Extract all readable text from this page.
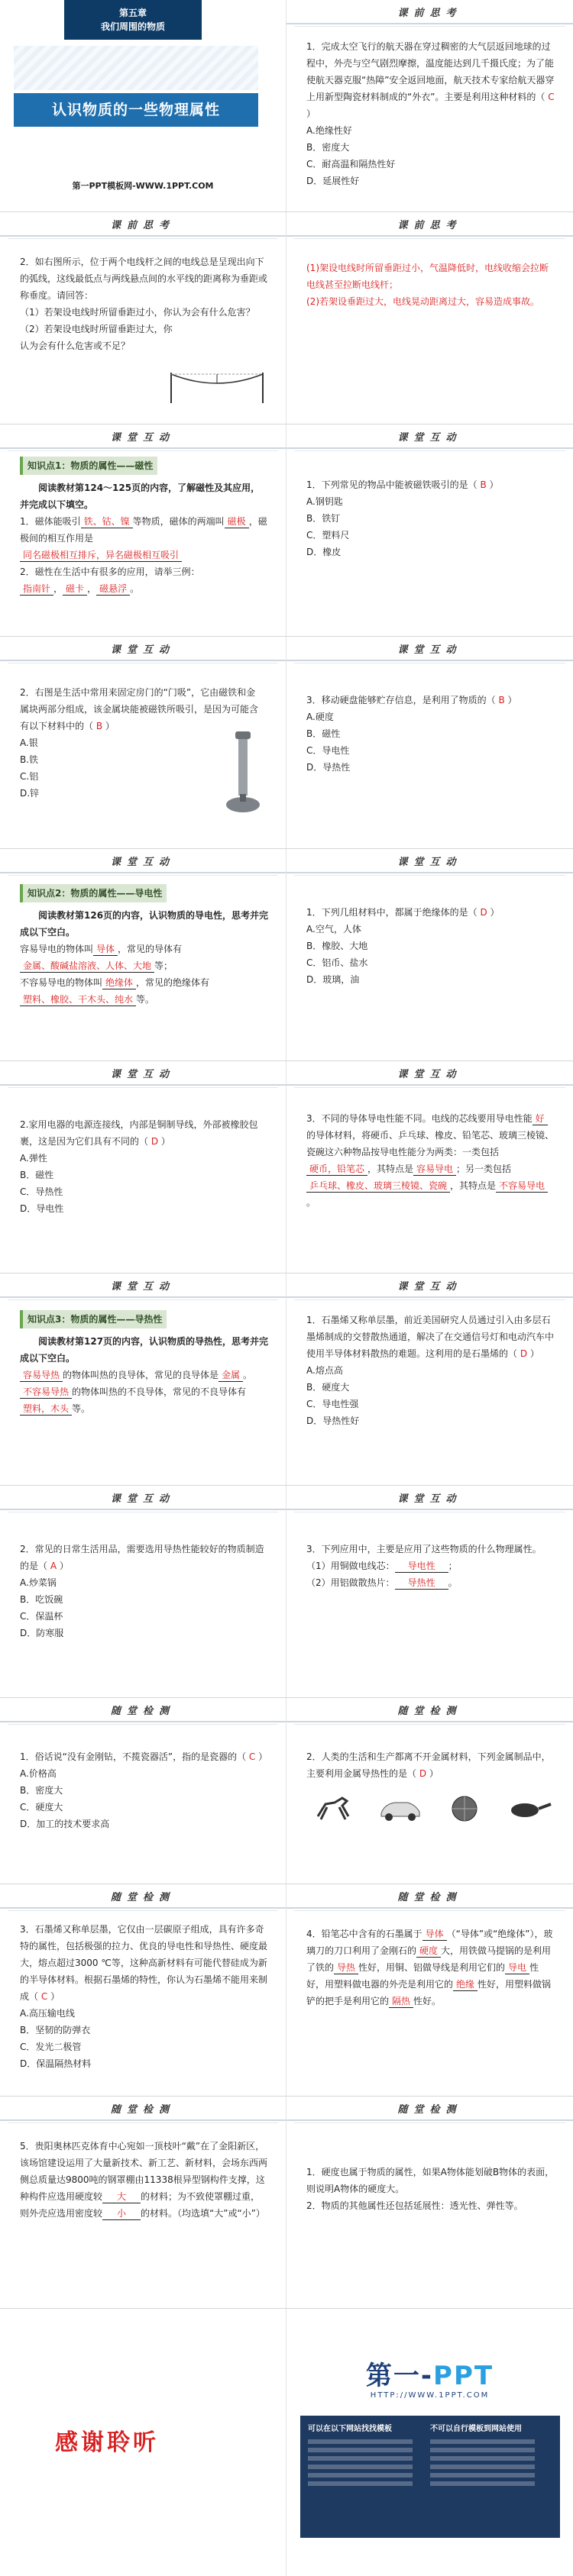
第五章
我们周围的物质
认识物质的一些物理属性
第一PPT模板网-WWW.1PPT.COM
课前思考

1．完成太空飞行的航天器在穿过稠密的大气层返回地球的过程中，外壳与空气剧烈摩擦，温度能达到几千摄氏度；为了能使航天器克服“热障”安全返回地面，航天技术专家给航天器穿上用新型陶瓷材料制成的“外衣”。主要是利用这种材料的（ C ）

A.绝缘性好
B．密度大
C．耐高温和隔热性好
D．延展性好
课前思考

2．如右图所示，位于两个电线杆之间的电线总是呈现出向下的弧线，这线最低点与两线悬点间的水平线的距离称为垂距或称垂度。请回答：

（1）若架设电线时所留垂距过小，你认为会有什么危害？

（2）若架设电线时所留垂距过大，你认为会有什么危害或不足？

课前思考

(1)架设电线时所留垂距过小，气温降低时，电线收缩会拉断电线甚至拉断电线杆；

(2)若架设垂距过大，电线晃动距离过大，容易造成事故。

课堂互动
知识点1：物质的属性——磁性

阅读教材第124～125页的内容，了解磁性及其应用，并完成以下填空。

1．磁体能吸引 铁、钴、镍 等物质，磁体的两端叫 磁极 ，磁极间的相互作用是
同名磁极相互排斥，异名磁极相互吸引

2．磁性在生活中有很多的应用，请举三例：

指南针 ， 磁卡 ， 磁悬浮 。

课堂互动

1．下列常见的物品中能被磁铁吸引的是（ B ）

A.钢钥匙
B．铁钉
C．塑料尺
D．橡皮
课堂互动

2．右图是生活中常用来固定房门的“门吸”，它由磁铁和金属块两部分组成，该金属块能被磁铁所吸引，是因为可能含有以下材料中的（ B ）

A.银
B.铁
C.铝
D.锌
课堂互动

3．移动硬盘能够贮存信息，是利用了物质的（ B ）

A.硬度
B．磁性
C．导电性
D．导热性
课堂互动
知识点2：物质的属性——导电性

阅读教材第126页的内容，认识物质的导电性，思考并完成以下空白。

容易导电的物体叫 导体 ，常见的导体有
金属、酸碱盐溶液、人体、大地 等；

不容易导电的物体叫 绝缘体 ，常见的绝缘体有
塑料、橡胶、干木头、纯水 等。

课堂互动

1．下列几组材料中，都属于绝缘体的是（ D ）

A.空气，人体
B．橡胶、大地
C．铝币、盐水
D．玻璃，油
课堂互动

2.家用电器的电源连接线，内部是铜制导线，外部被橡胶包裹，这是因为它们具有不同的（ D ）

A.弹性
B．磁性
C．导热性
D．导电性
课堂互动

3．不同的导体导电性能不同。电线的芯线要用导电性能 好的导体材料，将硬币、乒乓球、橡皮、铅笔芯、玻璃三棱镜、瓷碗这六种物品按导电性能分为两类：一类包括硬币，铅笔芯 ，其特点是 容易导电 ；另一类包括乒乓球、橡皮、玻璃三棱镜、瓷碗 ，其特点是 不容易导电。

课堂互动
知识点3：物质的属性——导热性

阅读教材第127页的内容，认识物质的导热性，思考并完成以下空白。

容易导热 的物体叫热的良导体，常见的良导体是 金属 。

不容易导热 的物体叫热的不良导体，常见的不良导体有塑料，木头 等。

课堂互动

1．石墨烯又称单层墨，前近美国研究人员通过引入由多层石墨烯制成的交替散热通道，解决了在交通信号灯和电动汽车中使用半导体材料散热的难题。这利用的是石墨烯的（ D ）

A.熔点高
B．硬度大
C．导电性强
D．导热性好
课堂互动

2．常见的日常生活用品，需要选用导热性能较好的物质制造的是（ A ）

A.炒菜锅
B．吃饭碗
C．保温杯
D．防寒服
课堂互动

3．下列应用中，主要是应用了这些物质的什么物理属性。

（1）用铜做电线芯： 导电性 ；

（2）用铝做散热片： 导热性 。

随堂检测

1．俗话说“没有金刚钻，不揽瓷器活”，指的是瓷器的（ C ）

A.价格高
B．密度大
C．硬度大
D．加工的技术要求高
随堂检测

2．人类的生活和生产都离不开金属材料，下列金属制品中，主要利用金属导热性的是（ D ）

随堂检测

3．石墨烯又称单层墨，它仅由一层碳原子组成，具有许多奇特的属性，包括极强的拉力、优良的导电性和导热性、硬度最大，熔点超过3000 ℃等，这种高新材料有可能代替硅成为新的半导体材料。根据石墨烯的特性，你认为石墨烯不能用来制成（ C ）

A.高压输电线
B．坚韧的防弹衣
C．发光二极管
D．保温隔热材料
随堂检测

4．铅笔芯中含有的石墨属于 导体 （“导体”或“绝缘体”），玻璃刀的刀口利用了金刚石的 硬度 大，用铁做马提锅的是利用了铁的 导热 性好，用铜、铝做导线是利用它们的 导电 性好，用塑料做电器的外壳是利用它的 绝缘 性好，用塑料做锅铲的把手是利用它的 隔热 性好。

随堂检测

5．贵阳奥林匹克体育中心宛如一顶枝叶“戴”在了金阳新区，该场馆建设运用了大量新技术、新工艺、新材料，会场东西两侧总质量达9800吨的钢罩棚由11338根异型钢构件支撑，这种构件应选用硬度较 大 的材料；为不致使罩棚过重，则外壳应选用密度较 小 的材料。（均选填“大”或“小”）

随堂检测

1．硬度也属于物质的属性，如果A物体能划破B物体的表面，则说明A物体的硬度大。

2．物质的其他属性还包括延展性：透光性、弹性等。

感谢聆听
第一-PPT
HTTP://WWW.1PPT.COM
可以在以下网站找找模板	不可以自行模板到网站使用
